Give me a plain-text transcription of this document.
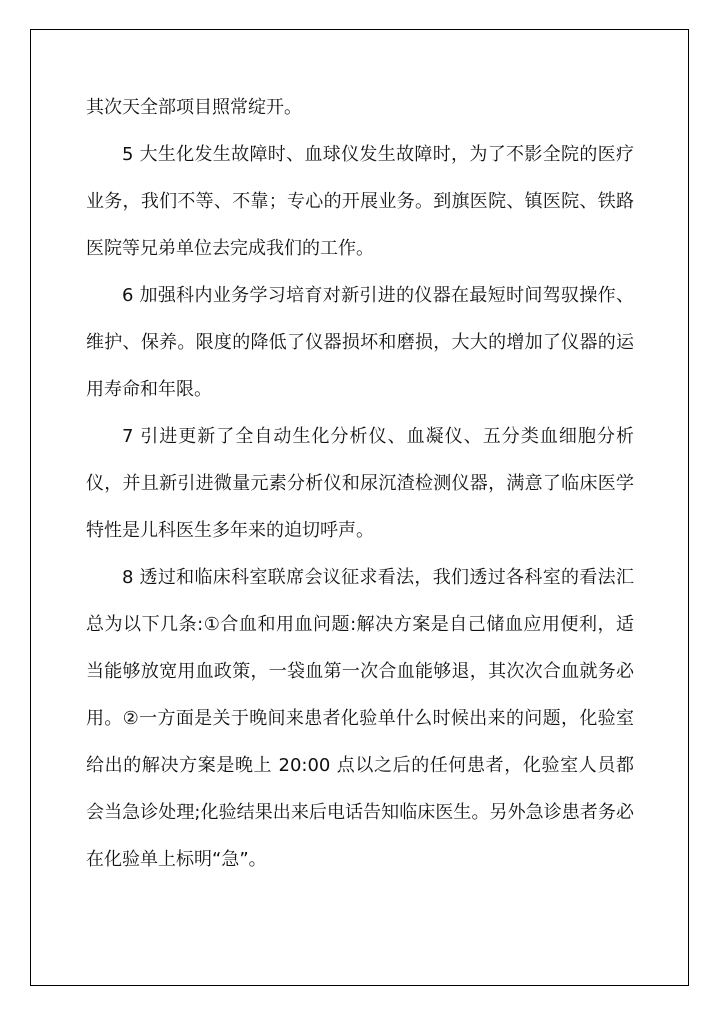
其次天全部项目照常绽开。

5 大生化发生故障时、血球仪发生故障时，为了不影全院的医疗业务，我们不等、不靠；专心的开展业务。到旗医院、镇医院、铁路医院等兄弟单位去完成我们的工作。

6 加强科内业务学习培育对新引进的仪器在最短时间驾驭操作、维护、保养。限度的降低了仪器损坏和磨损，大大的增加了仪器的运用寿命和年限。

7 引进更新了全自动生化分析仪、血凝仪、五分类血细胞分析仪，并且新引进微量元素分析仪和尿沉渣检测仪器，满意了临床医学特性是儿科医生多年来的迫切呼声。

8 透过和临床科室联席会议征求看法，我们透过各科室的看法汇总为以下几条:①合血和用血问题:解决方案是自己储血应用便利，适当能够放宽用血政策，一袋血第一次合血能够退，其次次合血就务必用。②一方面是关于晚间来患者化验单什么时候出来的问题，化验室给出的解决方案是晚上 20:00 点以之后的任何患者，化验室人员都会当急诊处理;化验结果出来后电话告知临床医生。另外急诊患者务必在化验单上标明“急”。
